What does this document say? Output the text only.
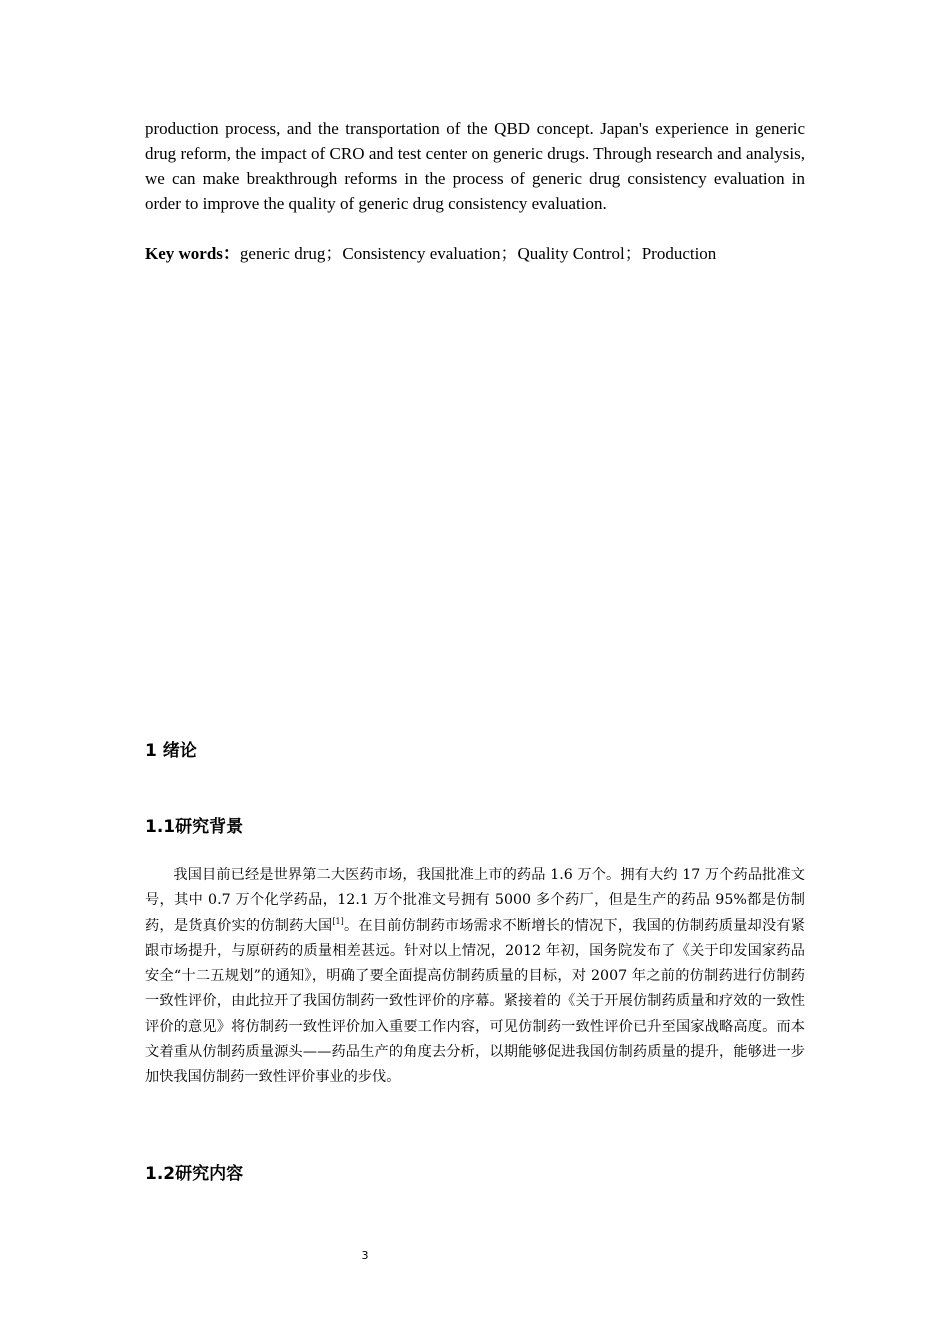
production process, and the transportation of the QBD concept. Japan's experience in generic drug reform, the impact of CRO and test center on generic drugs. Through research and analysis, we can make breakthrough reforms in the process of generic drug consistency evaluation in order to improve the quality of generic drug consistency evaluation.

Key words：generic drug；Consistency evaluation；Quality Control；Production

1 绪论
1.1研究背景

我国目前已经是世界第二大医药市场，我国批准上市的药品 1.6 万个。拥有大约 17 万个药品批准文号，其中 0.7 万个化学药品，12.1 万个批准文号拥有 5000 多个药厂，但是生产的药品 95%都是仿制药，是货真价实的仿制药大国[1]。在目前仿制药市场需求不断增长的情况下，我国的仿制药质量却没有紧跟市场提升，与原研药的质量相差甚远。针对以上情况，2012 年初，国务院发布了《关于印发国家药品安全“十二五规划”的通知》，明确了要全面提高仿制药质量的目标，对 2007 年之前的仿制药进行仿制药一致性评价，由此拉开了我国仿制药一致性评价的序幕。紧接着的《关于开展仿制药质量和疗效的一致性评价的意见》将仿制药一致性评价加入重要工作内容，可见仿制药一致性评价已升至国家战略高度。而本文着重从仿制药质量源头——药品生产的角度去分析，以期能够促进我国仿制药质量的提升，能够进一步加快我国仿制药一致性评价事业的步伐。

1.2研究内容
3
